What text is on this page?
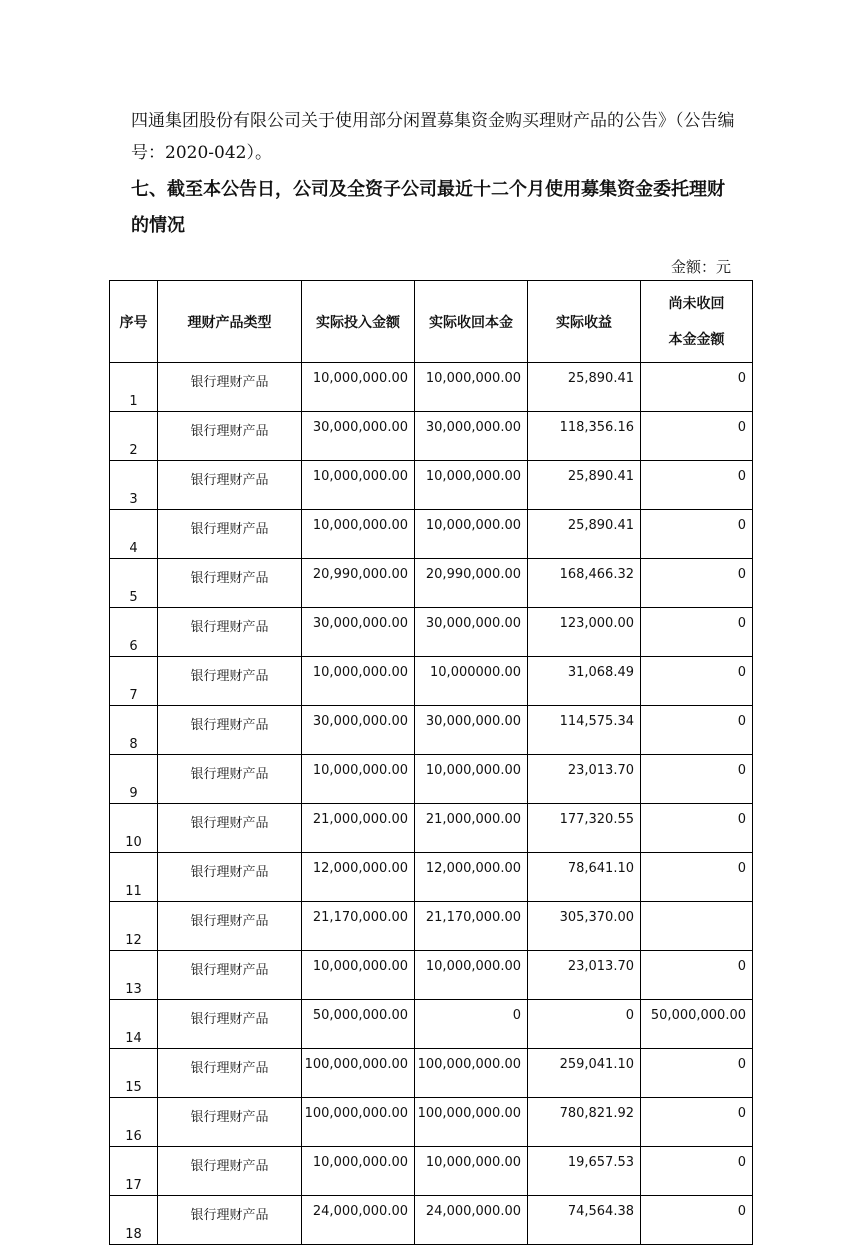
四通集团股份有限公司关于使用部分闲置募集资金购买理财产品的公告》（公告编号：2020-042）。
七、截至本公告日，公司及全资子公司最近十二个月使用募集资金委托理财的情况
金额：元
序号	理财产品类型	实际投入金额	实际收回本金	实际收益	尚未收回
本金金额

1	银行理财产品	10,000,000.00	10,000,000.00	25,890.41	0
2	银行理财产品	30,000,000.00	30,000,000.00	118,356.16	0
3	银行理财产品	10,000,000.00	10,000,000.00	25,890.41	0
4	银行理财产品	10,000,000.00	10,000,000.00	25,890.41	0
5	银行理财产品	20,990,000.00	20,990,000.00	168,466.32	0
6	银行理财产品	30,000,000.00	30,000,000.00	123,000.00	0
7	银行理财产品	10,000,000.00	10,000000.00	31,068.49	0
8	银行理财产品	30,000,000.00	30,000,000.00	114,575.34	0
9	银行理财产品	10,000,000.00	10,000,000.00	23,013.70	0
10	银行理财产品	21,000,000.00	21,000,000.00	177,320.55	0
11	银行理财产品	12,000,000.00	12,000,000.00	78,641.10	0
12	银行理财产品	21,170,000.00	21,170,000.00	305,370.00	
13	银行理财产品	10,000,000.00	10,000,000.00	23,013.70	0
14	银行理财产品	50,000,000.00	0	0	50,000,000.00
15	银行理财产品	100,000,000.00	100,000,000.00	259,041.10	0
16	银行理财产品	100,000,000.00	100,000,000.00	780,821.92	0
17	银行理财产品	10,000,000.00	10,000,000.00	19,657.53	0
18	银行理财产品	24,000,000.00	24,000,000.00	74,564.38	0
